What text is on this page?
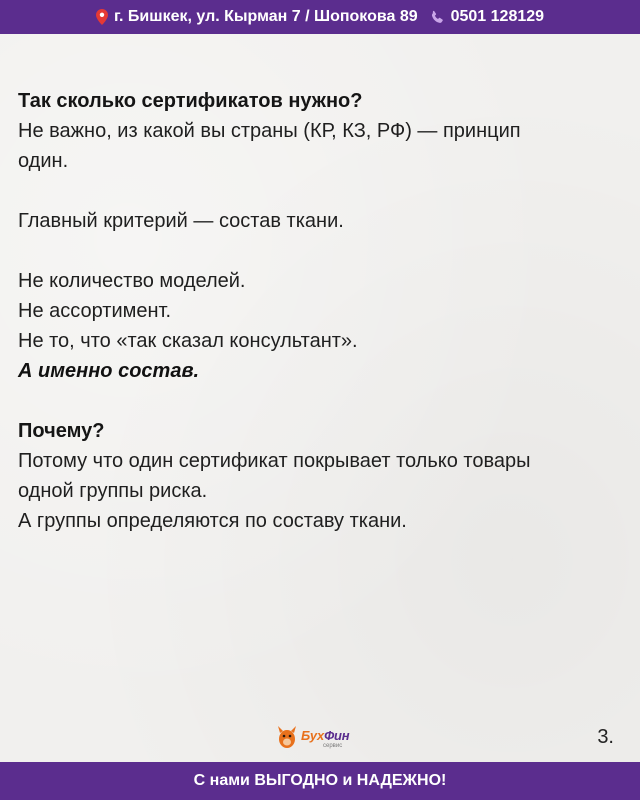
г. Бишкек, ул. Кырман 7 / Шопокова 89 0501 128129

Так сколько сертификатов нужно?

Не важно, из какой вы страны (КР, КЗ, РФ) — принцип

один.

Главный критерий — состав ткани.

Не количество моделей.

Не ассортимент.

Не то, что «так сказал консультант».

А именно состав.

Почему?

Потому что один сертификат покрывает только товары

одной группы риска.

А группы определяются по составу ткани.

БухФин
сервис	3.
С нами ВЫГОДНО и НАДЕЖНО!
